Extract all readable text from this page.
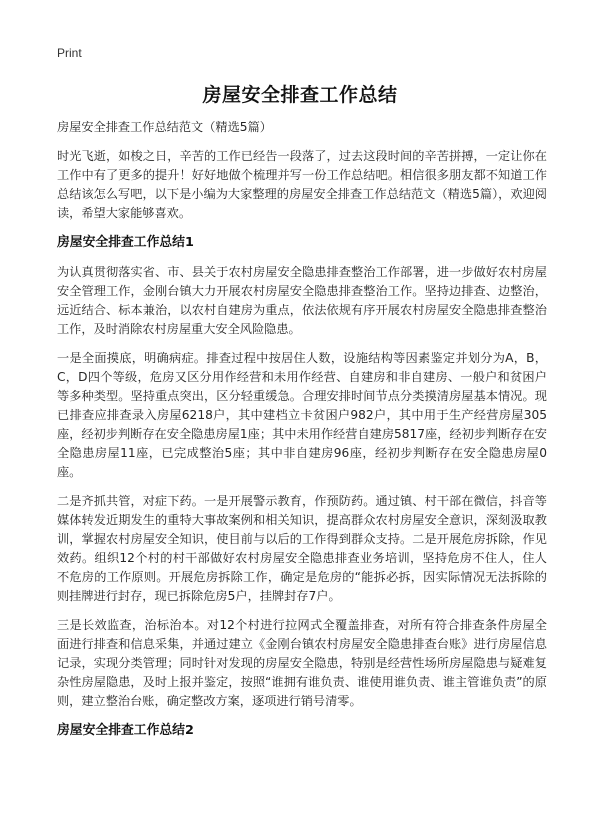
Print
房屋安全排查工作总结

房屋安全排查工作总结范文（精选5篇）

时光飞逝，如梭之日，辛苦的工作已经告一段落了，过去这段时间的辛苦拼搏，一定让你在工作中有了更多的提升！好好地做个梳理并写一份工作总结吧。相信很多朋友都不知道工作总结该怎么写吧，以下是小编为大家整理的房屋安全排查工作总结范文（精选5篇），欢迎阅读，希望大家能够喜欢。

房屋安全排查工作总结1

为认真贯彻落实省、市、县关于农村房屋安全隐患排查整治工作部署，进一步做好农村房屋安全管理工作，金刚台镇大力开展农村房屋安全隐患排查整治工作。坚持边排查、边整治，远近结合、标本兼治，以农村自建房为重点，依法依规有序开展农村房屋安全隐患排查整治工作，及时消除农村房屋重大安全风险隐患。

一是全面摸底，明确病症。排查过程中按居住人数，设施结构等因素鉴定并划分为A，B，C，D四个等级，危房又区分用作经营和未用作经营、自建房和非自建房、一般户和贫困户等多种类型。坚持重点突出，区分轻重缓急。合理安排时间节点分类摸清房屋基本情况。现已排查应排查录入房屋6218户，其中建档立卡贫困户982户，其中用于生产经营房屋305座，经初步判断存在安全隐患房屋1座；其中未用作经营自建房5817座，经初步判断存在安全隐患房屋11座，已完成整治5座；其中非自建房96座，经初步判断存在安全隐患房屋0座。

二是齐抓共管，对症下药。一是开展警示教育，作预防药。通过镇、村干部在微信，抖音等媒体转发近期发生的重特大事故案例和相关知识，提高群众农村房屋安全意识，深刻汲取教训，掌握农村房屋安全知识，使目前与以后的工作得到群众支持。二是开展危房拆除，作见效药。组织12个村的村干部做好农村房屋安全隐患排查业务培训，坚持危房不住人，住人不危房的工作原则。开展危房拆除工作，确定是危房的“能拆必拆，因实际情况无法拆除的则挂牌进行封存，现已拆除危房5户，挂牌封存7户。

三是长效监查，治标治本。对12个村进行拉网式全覆盖排查，对所有符合排查条件房屋全面进行排查和信息采集，并通过建立《金刚台镇农村房屋安全隐患排查台账》进行房屋信息记录，实现分类管理；同时针对发现的房屋安全隐患，特别是经营性场所房屋隐患与疑难复杂性房屋隐患，及时上报并鉴定，按照“谁拥有谁负责、谁使用谁负责、谁主管谁负责”的原则，建立整治台账，确定整改方案，逐项进行销号清零。

房屋安全排查工作总结2
